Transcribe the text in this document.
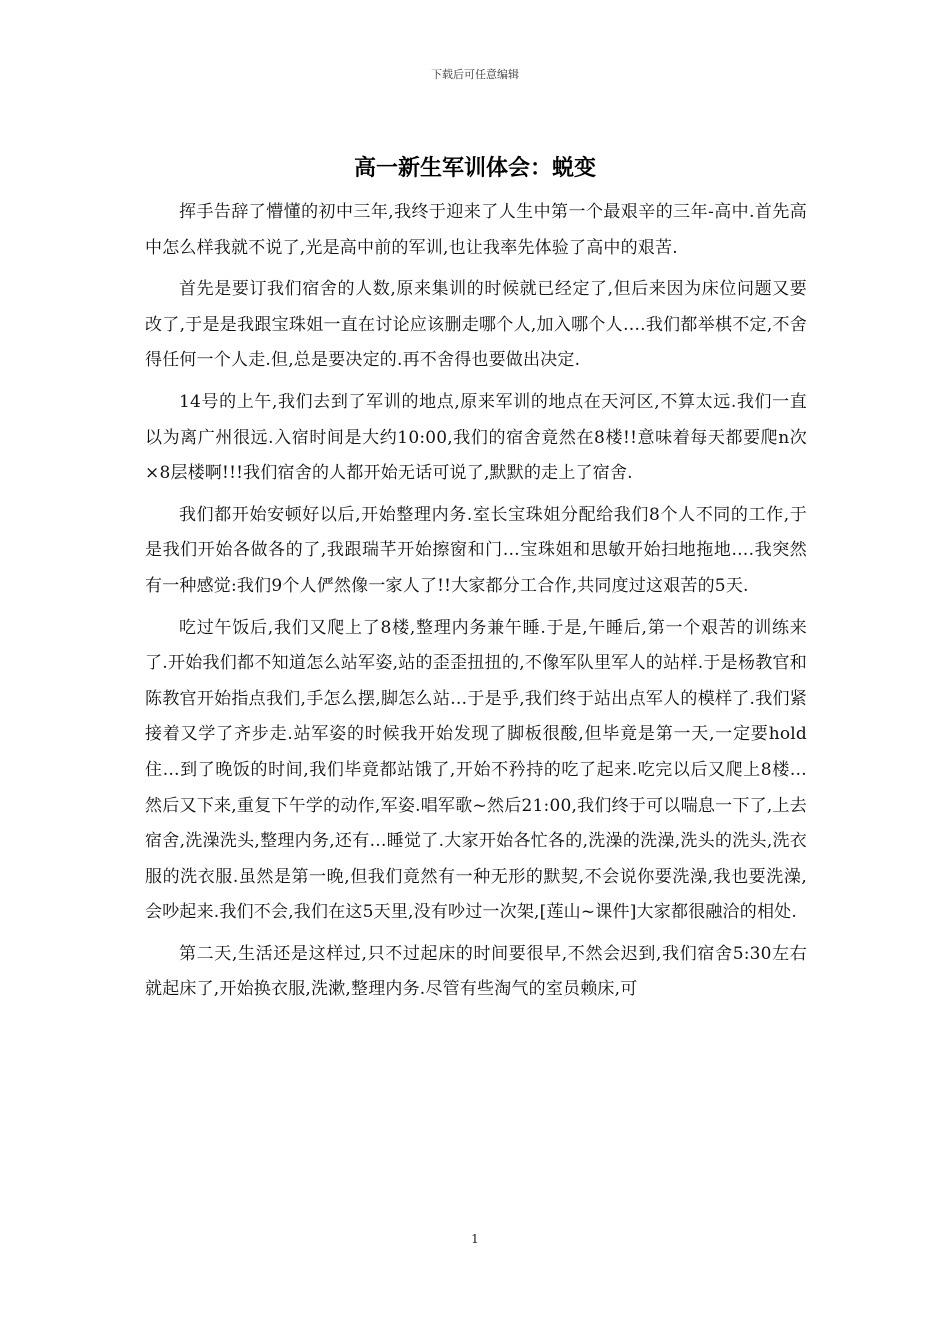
下载后可任意编辑
高一新生军训体会：蜕变

挥手告辞了懵懂的初中三年,我终于迎来了人生中第一个最艰辛的三年-高中.首先高中怎么样我就不说了,光是高中前的军训,也让我率先体验了高中的艰苦.

首先是要订我们宿舍的人数,原来集训的时候就已经定了,但后来因为床位问题又要改了,于是是我跟宝珠姐一直在讨论应该删走哪个人,加入哪个人….我们都举棋不定,不舍得任何一个人走.但,总是要决定的.再不舍得也要做出决定.

14号的上午,我们去到了军训的地点,原来军训的地点在天河区,不算太远.我们一直以为离广州很远.入宿时间是大约10:00,我们的宿舍竟然在8楼!!意味着每天都要爬n次×8层楼啊!!!我们宿舍的人都开始无话可说了,默默的走上了宿舍.

我们都开始安顿好以后,开始整理内务.室长宝珠姐分配给我们8个人不同的工作,于是我们开始各做各的了,我跟瑞芊开始擦窗和门…宝珠姐和思敏开始扫地拖地….我突然有一种感觉:我们9个人俨然像一家人了!!大家都分工合作,共同度过这艰苦的5天.

吃过午饭后,我们又爬上了8楼,整理内务兼午睡.于是,午睡后,第一个艰苦的训练来了.开始我们都不知道怎么站军姿,站的歪歪扭扭的,不像军队里军人的站样.于是杨教官和陈教官开始指点我们,手怎么摆,脚怎么站…于是乎,我们终于站出点军人的模样了.我们紧接着又学了齐步走.站军姿的时候我开始发现了脚板很酸,但毕竟是第一天,一定要hold住…到了晚饭的时间,我们毕竟都站饿了,开始不矜持的吃了起来.吃完以后又爬上8楼…然后又下来,重复下午学的动作,军姿.唱军歌~然后21:00,我们终于可以喘息一下了,上去宿舍,洗澡洗头,整理内务,还有…睡觉了.大家开始各忙各的,洗澡的洗澡,洗头的洗头,洗衣服的洗衣服.虽然是第一晚,但我们竟然有一种无形的默契,不会说你要洗澡,我也要洗澡,会吵起来.我们不会,我们在这5天里,没有吵过一次架,[莲山~课件]大家都很融洽的相处.

第二天,生活还是这样过,只不过起床的时间要很早,不然会迟到,我们宿舍5:30左右就起床了,开始换衣服,洗漱,整理内务.尽管有些淘气的室员赖床,可

1
